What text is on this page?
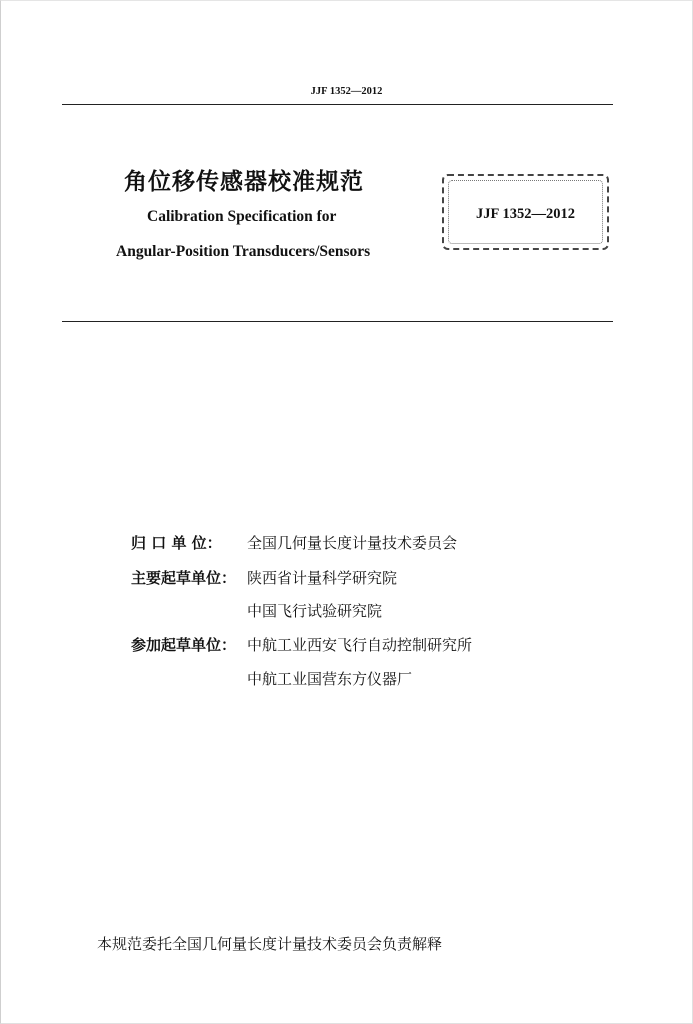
JJF 1352—2012
角位移传感器校准规范
Calibration Specification for
Angular-Position Transducers/Sensors
JJF 1352—2012
归 口 单 位： 全国几何量长度计量技术委员会
主要起草单位： 陕西省计量科学研究院
中国飞行试验研究院
参加起草单位： 中航工业西安飞行自动控制研究所
中航工业国营东方仪器厂
本规范委托全国几何量长度计量技术委员会负责解释
